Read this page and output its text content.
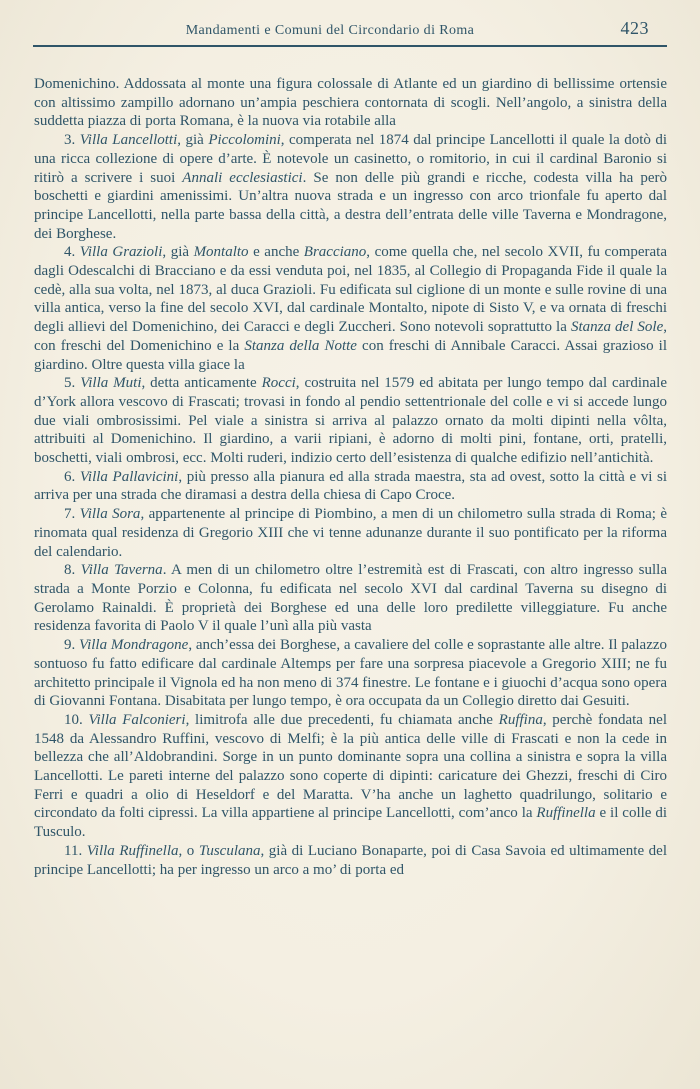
Mandamenti e Comuni del Circondario di Roma	423

Domenichino. Addossata al monte una figura colossale di Atlante ed un giardino di bellissime ortensie con altissimo zampillo adornano un’ampia peschiera contornata di scogli. Nell’angolo, a sinistra della suddetta piazza di porta Romana, è la nuova via rotabile alla

3. Villa Lancellotti, già Piccolomini, comperata nel 1874 dal principe Lancellotti il quale la dotò di una ricca collezione di opere d’arte. È notevole un casinetto, o romitorio, in cui il cardinal Baronio si ritirò a scrivere i suoi Annali ecclesiastici. Se non delle più grandi e ricche, codesta villa ha però boschetti e giardini amenissimi. Un’altra nuova strada e un ingresso con arco trionfale fu aperto dal principe Lancellotti, nella parte bassa della città, a destra dell’entrata delle ville Taverna e Mondragone, dei Borghese.

4. Villa Grazioli, già Montalto e anche Bracciano, come quella che, nel secolo XVII, fu comperata dagli Odescalchi di Bracciano e da essi venduta poi, nel 1835, al Collegio di Propaganda Fide il quale la cedè, alla sua volta, nel 1873, al duca Grazioli. Fu edificata sul ciglione di un monte e sulle rovine di una villa antica, verso la fine del secolo XVI, dal cardinale Montalto, nipote di Sisto V, e va ornata di freschi degli allievi del Domenichino, dei Caracci e degli Zuccheri. Sono notevoli soprattutto la Stanza del Sole, con freschi del Domenichino e la Stanza della Notte con freschi di Annibale Caracci. Assai grazioso il giardino. Oltre questa villa giace la

5. Villa Muti, detta anticamente Rocci, costruita nel 1579 ed abitata per lungo tempo dal cardinale d’York allora vescovo di Frascati; trovasi in fondo al pendio settentrionale del colle e vi si accede lungo due viali ombrosissimi. Pel viale a sinistra si arriva al palazzo ornato da molti dipinti nella vôlta, attribuiti al Domenichino. Il giardino, a varii ripiani, è adorno di molti pini, fontane, orti, pratelli, boschetti, viali ombrosi, ecc. Molti ruderi, indizio certo dell’esistenza di qualche edifizio nell’antichità.

6. Villa Pallavicini, più presso alla pianura ed alla strada maestra, sta ad ovest, sotto la città e vi si arriva per una strada che diramasi a destra della chiesa di Capo Croce.

7. Villa Sora, appartenente al principe di Piombino, a men di un chilometro sulla strada di Roma; è rinomata qual residenza di Gregorio XIII che vi tenne adunanze durante il suo pontificato per la riforma del calendario.

8. Villa Taverna. A men di un chilometro oltre l’estremità est di Frascati, con altro ingresso sulla strada a Monte Porzio e Colonna, fu edificata nel secolo XVI dal cardinal Taverna su disegno di Gerolamo Rainaldi. È proprietà dei Borghese ed una delle loro predilette villeggiature. Fu anche residenza favorita di Paolo V il quale l’unì alla più vasta

9. Villa Mondragone, anch’essa dei Borghese, a cavaliere del colle e soprastante alle altre. Il palazzo sontuoso fu fatto edificare dal cardinale Altemps per fare una sorpresa piacevole a Gregorio XIII; ne fu architetto principale il Vignola ed ha non meno di 374 finestre. Le fontane e i giuochi d’acqua sono opera di Giovanni Fontana. Disabitata per lungo tempo, è ora occupata da un Collegio diretto dai Gesuiti.

10. Villa Falconieri, limitrofa alle due precedenti, fu chiamata anche Ruffina, perchè fondata nel 1548 da Alessandro Ruffini, vescovo di Melfi; è la più antica delle ville di Frascati e non la cede in bellezza che all’Aldobrandini. Sorge in un punto dominante sopra una collina a sinistra e sopra la villa Lancellotti. Le pareti interne del palazzo sono coperte di dipinti: caricature dei Ghezzi, freschi di Ciro Ferri e quadri a olio di Heseldorf e del Maratta. V’ha anche un laghetto quadrilungo, solitario e circondato da folti cipressi. La villa appartiene al principe Lancellotti, com’anco la Ruffinella e il colle di Tusculo.

11. Villa Ruffinella, o Tusculana, già di Luciano Bonaparte, poi di Casa Savoia ed ultimamente del principe Lancellotti; ha per ingresso un arco a mo’ di porta ed
